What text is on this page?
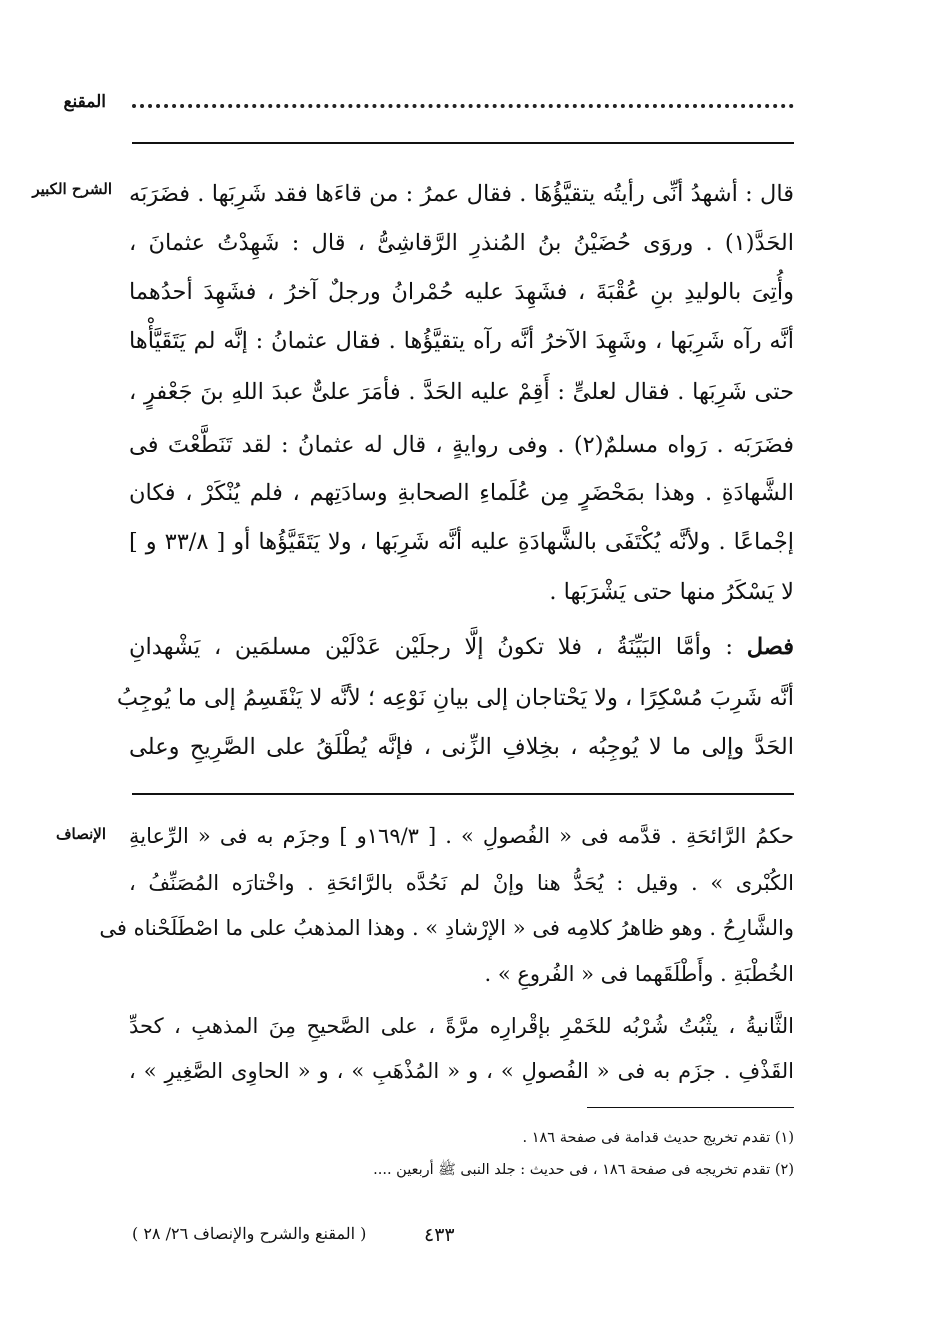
المقنع
الشرح الكبير
الإنصاف
قال : أشهدُ أنِّى رأيتُه يتقيَّؤُهَا . فقال عمرُ : من قاءَها فقد شَرِبَها . فضَرَبَه
الحَدَّ(١) . وروَى حُضَيْنُ بنُ المُنذرِ الرَّقاشِىُّ ، قال : شَهِدْتُ عثمانَ ،
وأُتِىَ بالوليدِ بنِ عُقْبَةَ ، فشَهِدَ عليه حُمْرانُ ورجلٌ آخرُ ، فشَهِدَ أحدُهما
أنَّه رآه شَرِبَها ، وشَهِدَ الآخرُ أنَّه رآه يتقيَّؤُها . فقال عثمانُ : إنَّه لم يَتَقَيَّأْها
حتى شَرِبَها . فقال لعلىٍّ : أَقِمْ عليه الحَدَّ . فأمَرَ علىٌّ عبدَ اللهِ بنَ جَعْفرٍ ،
فضَرَبَه . رَواه مسلمٌ(٢) . وفى روايةٍ ، قال له عثمانُ : لقد تَنَطَّعْتَ فى
الشَّهادَةِ . وهذا بمَحْضَرٍ مِن عُلَماءِ الصحابةِ وسادَتِهم ، فلم يُنْكَرْ ، فكان
إجْماعًا . ولأنَّه يُكْتَفَى بالشَّهادَةِ عليه أنَّه شَرِبَها ، ولا يَتَقَيَّؤُها أو [ ٣٣/٨ و ]
لا يَسْكَرُ منها حتى يَشْرَبَها .
فصل : وأمَّا البَيِّنَةُ ، فلا تكونُ إلَّا رجلَيْن عَدْلَيْن مسلمَين ، يَشْهدانِ
أنَّه شَرِبَ مُسْكِرًا ، ولا يَحْتاجان إلى بيانِ نَوْعِه ؛ لأنَّه لا يَنْقَسِمُ إلى ما يُوجِبُ
الحَدَّ وإلى ما لا يُوجِبُه ، بخِلافِ الزِّنى ، فإنَّه يُطْلَقُ على الصَّرِيحِ وعلى
حكمُ الرَّائحَةِ . قدَّمه فى « الفُصولِ » . [ ١٦٩/٣و ] وجزَم به فى « الرِّعايةِ
الكُبْرى » . وقيل : يُحَدُّ هنا وإنْ لم نَحُدَّه بالرَّائحَةِ . واخْتارَه المُصَنِّفُ ،
والشَّارِحُ . وهو ظاهرُ كلامِه فى « الإرْشادِ » . وهذا المذهبُ على ما اصْطَلَحْناه فى
الخُطْبَةِ . وأَطْلَقَهما فى « الفُروعِ » .
الثَّانيةُ ، يثْبُتُ شُرْبُه للخَمْرِ بإقْرارِه مرَّةً ، على الصَّحيحِ مِنَ المذهبِ ، كحدِّ
القَذْفِ . جزَم به فى « الفُصولِ » ، و « المُذْهَبِ » ، و « الحاوِى الصَّغِيرِ » ،
(١) تقدم تخريج حديث قدامة فى صفحة ١٨٦ .
(٢) تقدم تخريجه فى صفحة ١٨٦ ، فى حديث : جلد النبى ﷺ أربعين ....
٤٣٣
( المقنع والشرح والإنصاف ٢٦/ ٢٨ )
